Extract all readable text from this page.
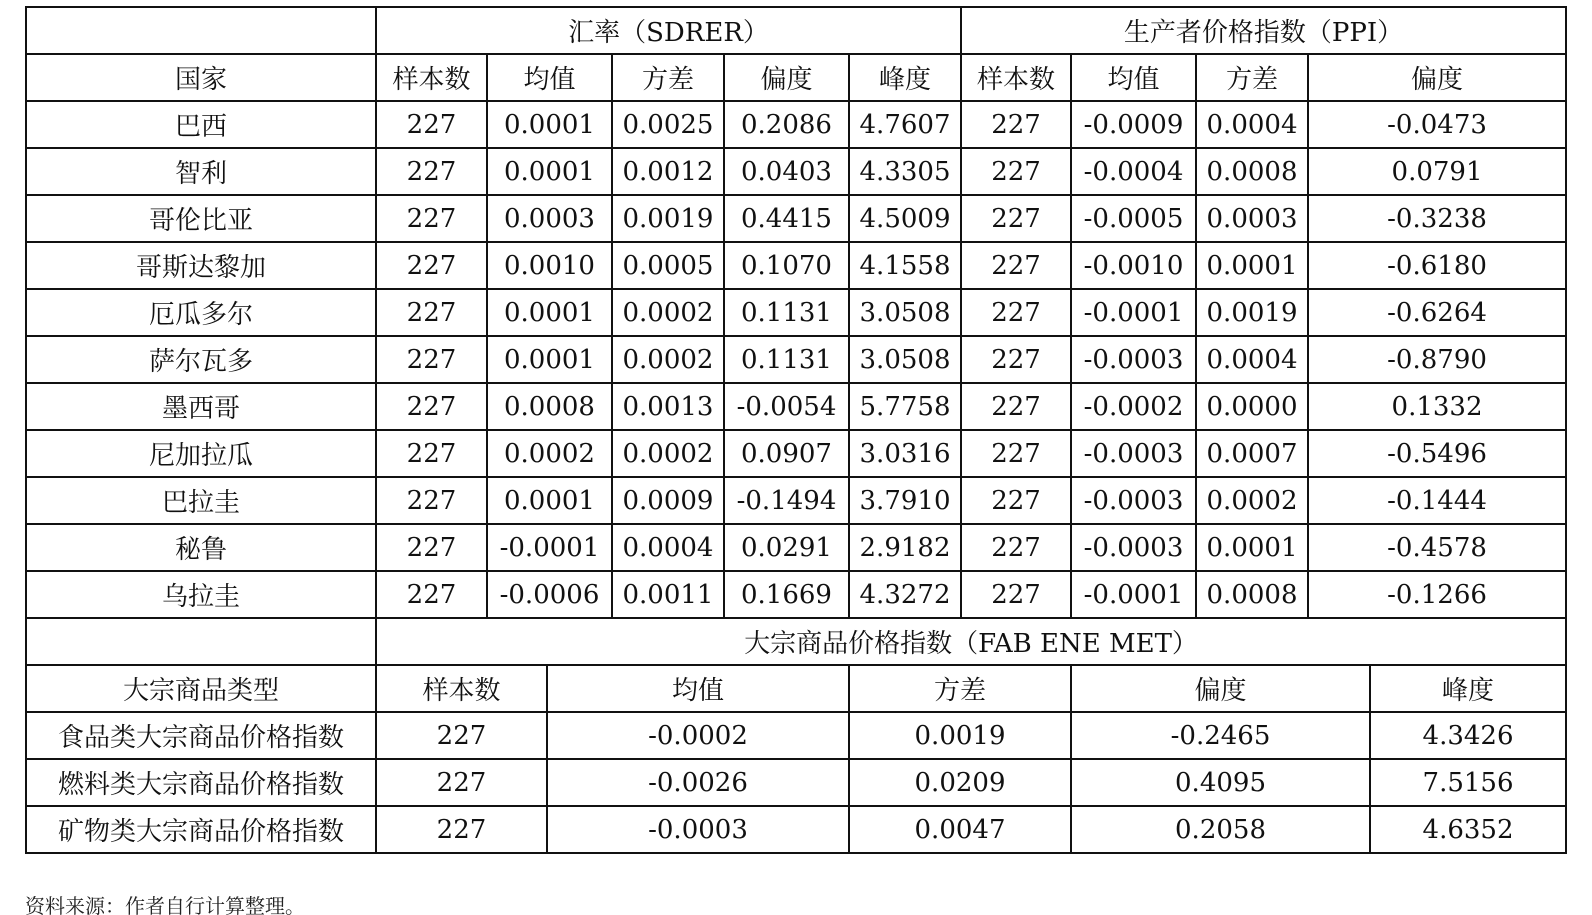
	汇率（SDRER）						生产者价格指数（PPI）					
国家	样本数	均值		方差	偏度	峰度	样本数	均值	方差	偏度	
巴西	227	0.0001		0.0025	0.2086	4.7607	227	-0.0009	0.0004	-0.0473	
智利	227	0.0001		0.0012	0.0403	4.3305	227	-0.0004	0.0008	0.0791	
哥伦比亚	227	0.0003		0.0019	0.4415	4.5009	227	-0.0005	0.0003	-0.3238	
哥斯达黎加	227	0.0010		0.0005	0.1070	4.1558	227	-0.0010	0.0001	-0.6180	
厄瓜多尔	227	0.0001		0.0002	0.1131	3.0508	227	-0.0001	0.0019	-0.6264	
萨尔瓦多	227	0.0001		0.0002	0.1131	3.0508	227	-0.0003	0.0004	-0.8790	
墨西哥	227	0.0008		0.0013	-0.0054	5.7758	227	-0.0002	0.0000	0.1332	
尼加拉瓜	227	0.0002		0.0002	0.0907	3.0316	227	-0.0003	0.0007	-0.5496	
巴拉圭	227	0.0001		0.0009	-0.1494	3.7910	227	-0.0003	0.0002	-0.1444	
秘鲁	227	-0.0001		0.0004	0.0291	2.9182	227	-0.0003	0.0001	-0.4578	
乌拉圭	227	-0.0006		0.0011	0.1669	4.3272	227	-0.0001	0.0008	-0.1266	
	大宗商品价格指数（FAB ENE MET）											
大宗商品类型	样本数		均值			方差		偏度			峰度	
食品类大宗商品价格指数	227		-0.0002			0.0019		-0.2465			4.3426	
燃料类大宗商品价格指数	227		-0.0026			0.0209		0.4095			7.5156	
矿物类大宗商品价格指数	227		-0.0003			0.0047		0.2058			4.6352	
资料来源：作者自行计算整理。
